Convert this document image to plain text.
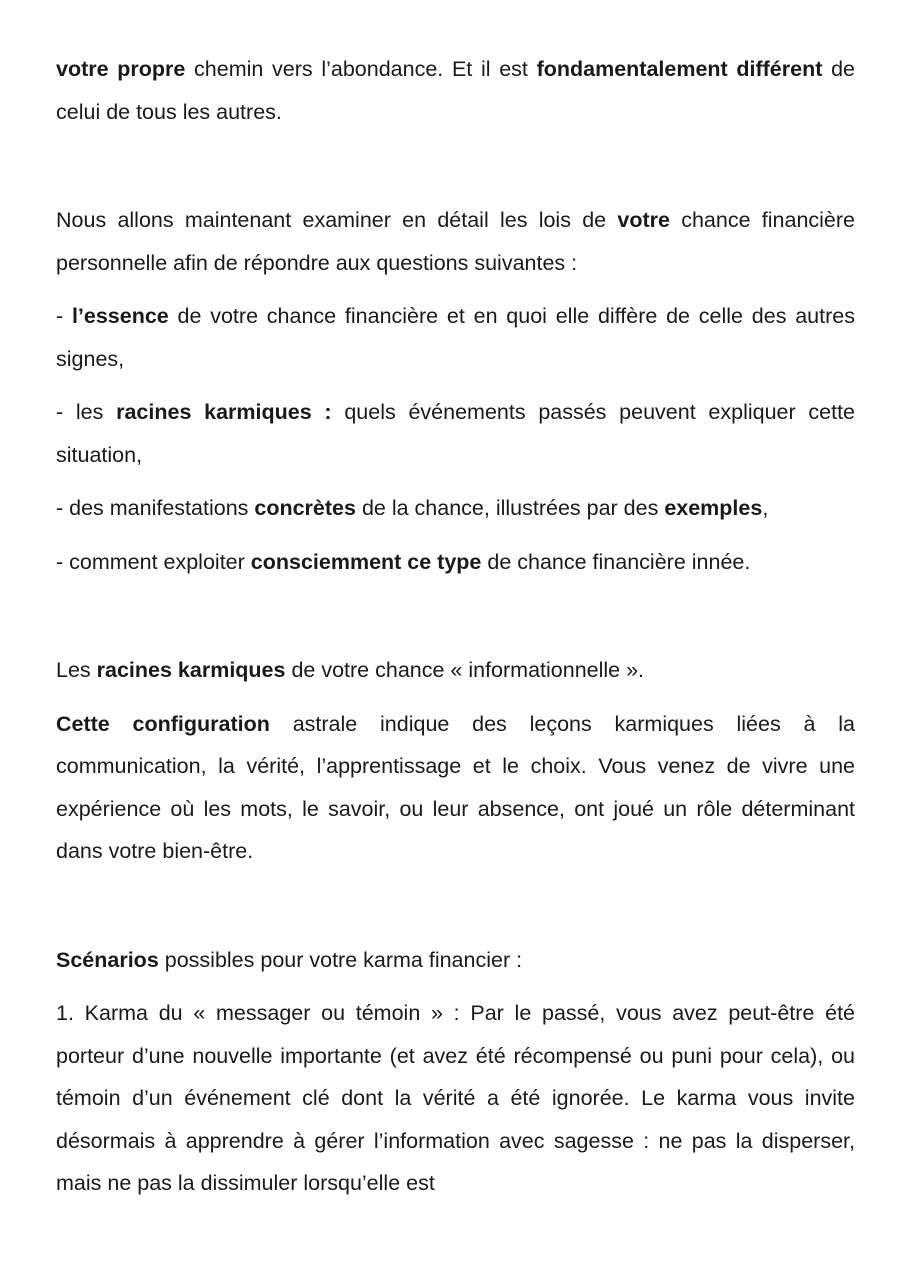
votre propre chemin vers l’abondance. Et il est fondamentalement différent de celui de tous les autres.

Nous allons maintenant examiner en détail les lois de votre chance financière personnelle afin de répondre aux questions suivantes :

- l’essence de votre chance financière et en quoi elle diffère de celle des autres signes,

- les racines karmiques : quels événements passés peuvent expliquer cette situation,

- des manifestations concrètes de la chance, illustrées par des exemples,

- comment exploiter consciemment ce type de chance financière innée.

Les racines karmiques de votre chance « informationnelle ».

Cette configuration astrale indique des leçons karmiques liées à la communication, la vérité, l’apprentissage et le choix. Vous venez de vivre une expérience où les mots, le savoir, ou leur absence, ont joué un rôle déterminant dans votre bien-être.

Scénarios possibles pour votre karma financier :

1. Karma du « messager ou témoin » : Par le passé, vous avez peut-être été porteur d’une nouvelle importante (et avez été récompensé ou puni pour cela), ou témoin d’un événement clé dont la vérité a été ignorée. Le karma vous invite désormais à apprendre à gérer l’information avec sagesse : ne pas la disperser, mais ne pas la dissimuler lorsqu’elle est
